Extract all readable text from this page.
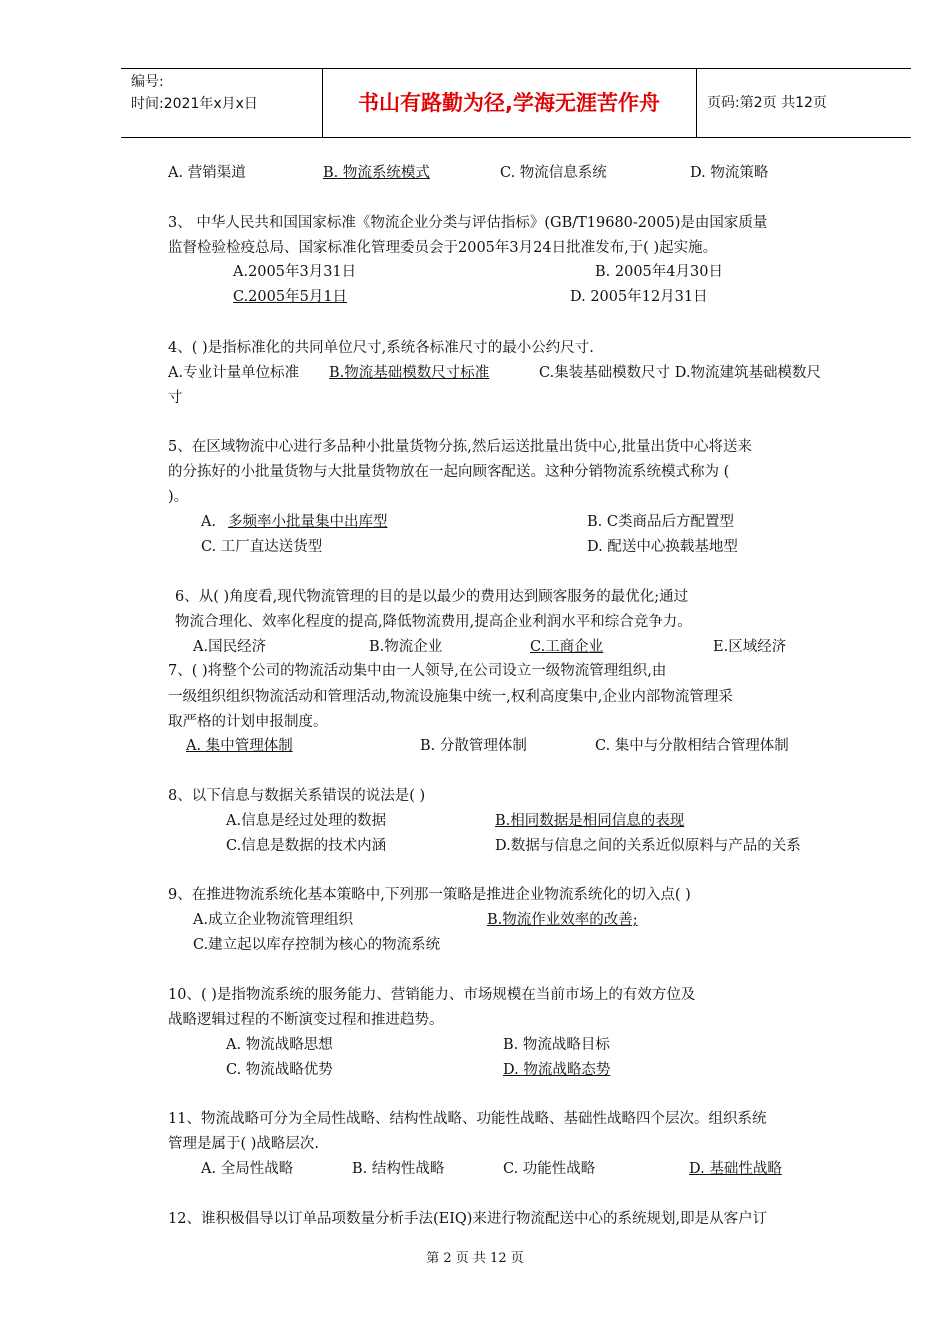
编号:
时间:2021年x月x日	书山有路勤为径,学海无涯苦作舟	页码:第2页 共12页
A. 营销渠道	B. 物流系统模式	C. 物流信息系统	D. 物流策略
3、 中华人民共和国国家标准《物流企业分类与评估指标》(GB/T19680-2005)是由国家质量
监督检验检疫总局、国家标准化管理委员会于2005年3月24日批准发布,于( )起实施。
A.2005年3月31日	B. 2005年4月30日
C.2005年5月1日	D. 2005年12月31日
4、( )是指标准化的共同单位尺寸,系统各标准尺寸的最小公约尺寸.
A.专业计量单位标准 B.物流基础模数尺寸标准	C.集装基础模数尺寸 D.物流建筑基础模数尺
寸
5、在区域物流中心进行多品种小批量货物分拣,然后运送批量出货中心,批量出货中心将送来
的分拣好的小批量货物与大批量货物放在一起向顾客配送。这种分销物流系统模式称为 (
)。
A. 多频率小批量集中出库型	B. C类商品后方配置型
C. 工厂直达送货型	D. 配送中心换载基地型
6、从( )角度看,现代物流管理的目的是以最少的费用达到顾客服务的最优化;通过
物流合理化、效率化程度的提高,降低物流费用,提高企业利润水平和综合竞争力。
A.国民经济	B.物流企业	C.工商企业	E.区域经济
7、( )将整个公司的物流活动集中由一人领导,在公司设立一级物流管理组织,由
一级组织组织物流活动和管理活动,物流设施集中统一,权利高度集中,企业内部物流管理采
取严格的计划申报制度。
A. 集中管理体制	B. 分散管理体制	C. 集中与分散相结合管理体制
8、以下信息与数据关系错误的说法是( )
A.信息是经过处理的数据	B.相同数据是相同信息的表现
C.信息是数据的技术内涵	D.数据与信息之间的关系近似原料与产品的关系
9、在推进物流系统化基本策略中,下列那一策略是推进企业物流系统化的切入点( )
A.成立企业物流管理组织	B.物流作业效率的改善;
C.建立起以库存控制为核心的物流系统
10、( )是指物流系统的服务能力、营销能力、市场规模在当前市场上的有效方位及
战略逻辑过程的不断演变过程和推进趋势。
A. 物流战略思想	B. 物流战略目标
C. 物流战略优势	D. 物流战略态势
11、物流战略可分为全局性战略、结构性战略、功能性战略、基础性战略四个层次。组织系统
管理是属于( )战略层次.
A. 全局性战略	B. 结构性战略	C. 功能性战略	D. 基础性战略
12、谁积极倡导以订单品项数量分析手法(EIQ)来进行物流配送中心的系统规划,即是从客户订
第 2 页 共 12 页
